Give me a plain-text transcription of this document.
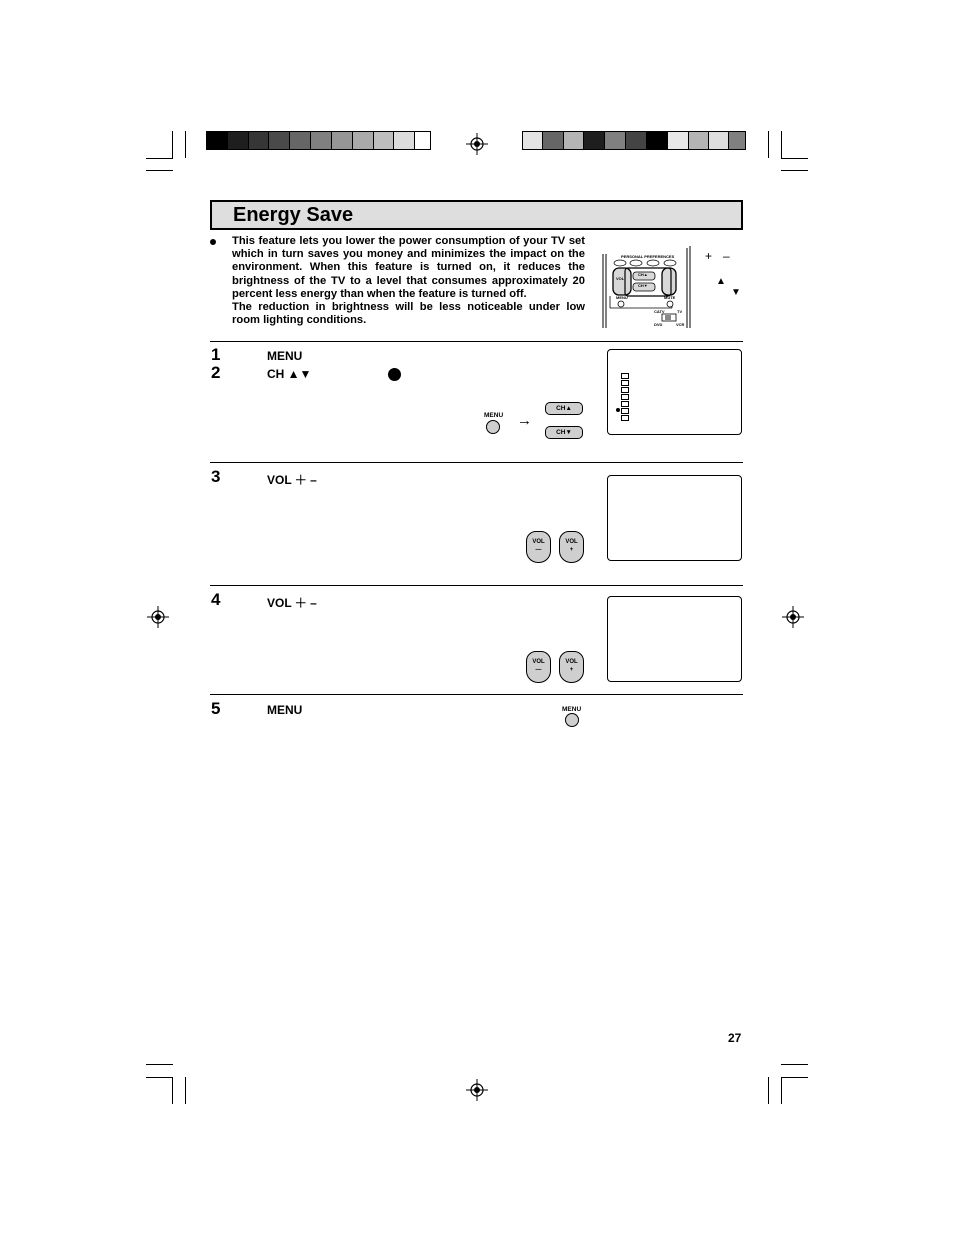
Energy Save
This feature lets you lower the power consumption of your TV set which in turn saves you money and minimizes the impact on the environment. When this feature is turned on, it reduces the brightness of the TV to a level that consumes approximately 20 percent less energy than when the feature is turned off.
The reduction in brightness will be less noticeable under low room lighting conditions.
PERSONAL PREFERENCES
VOL
CH▲
CH▼
MENU	MUTE
CATV	TV
DVD	VCR
+ –
▲
▼
1	MENU
2	CH ▲▼
MENU →
CH▲
CH▼
3	VOL ＋ –
VOL
—
VOL
+
4	VOL ＋ –
VOL
—
VOL
+
5	MENU	MENU
27
